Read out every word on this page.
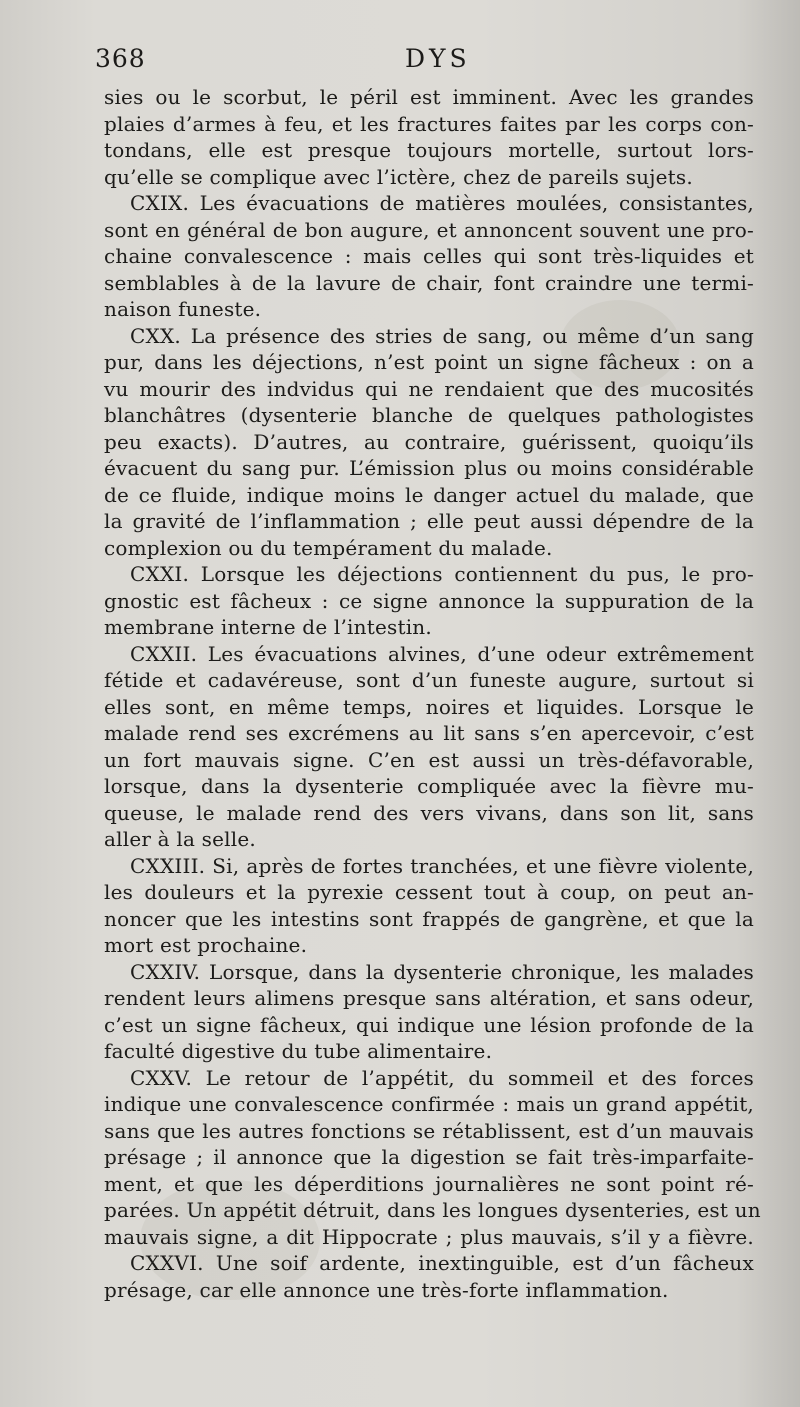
368	DYS
sies ou le scorbut, le péril est imminent. Avec les grandes
plaies d’armes à feu, et les fractures faites par les corps con-
tondans, elle est presque toujours mortelle, surtout lors-
qu’elle se complique avec l’ictère, chez de pareils sujets.
CXIX. Les évacuations de matières moulées, consistantes,
sont en général de bon augure, et annoncent souvent une pro-
chaine convalescence : mais celles qui sont très-liquides et
semblables à de la lavure de chair, font craindre une termi-
naison funeste.
CXX. La présence des stries de sang, ou même d’un sang
pur, dans les déjections, n’est point un signe fâcheux : on a
vu mourir des indvidus qui ne rendaient que des mucosités
blanchâtres (dysenterie blanche de quelques pathologistes
peu exacts). D’autres, au contraire, guérissent, quoiqu’ils
évacuent du sang pur. L’émission plus ou moins considérable
de ce fluide, indique moins le danger actuel du malade, que
la gravité de l’inflammation ; elle peut aussi dépendre de la
complexion ou du tempérament du malade.
CXXI. Lorsque les déjections contiennent du pus, le pro-
gnostic est fâcheux : ce signe annonce la suppuration de la
membrane interne de l’intestin.
CXXII. Les évacuations alvines, d’une odeur extrêmement
fétide et cadavéreuse, sont d’un funeste augure, surtout si
elles sont, en même temps, noires et liquides. Lorsque le
malade rend ses excrémens au lit sans s’en apercevoir, c’est
un fort mauvais signe. C’en est aussi un très-défavorable,
lorsque, dans la dysenterie compliquée avec la fièvre mu-
queuse, le malade rend des vers vivans, dans son lit, sans
aller à la selle.
CXXIII. Si, après de fortes tranchées, et une fièvre violente,
les douleurs et la pyrexie cessent tout à coup, on peut an-
noncer que les intestins sont frappés de gangrène, et que la
mort est prochaine.
CXXIV. Lorsque, dans la dysenterie chronique, les malades
rendent leurs alimens presque sans altération, et sans odeur,
c’est un signe fâcheux, qui indique une lésion profonde de la
faculté digestive du tube alimentaire.
CXXV. Le retour de l’appétit, du sommeil et des forces
indique une convalescence confirmée : mais un grand appétit,
sans que les autres fonctions se rétablissent, est d’un mauvais
présage ; il annonce que la digestion se fait très-imparfaite-
ment, et que les déperditions journalières ne sont point ré-
parées. Un appétit détruit, dans les longues dysenteries, est un
mauvais signe, a dit Hippocrate ; plus mauvais, s’il y a fièvre.
CXXVI. Une soif ardente, inextinguible, est d’un fâcheux
présage, car elle annonce une très-forte inflammation.
